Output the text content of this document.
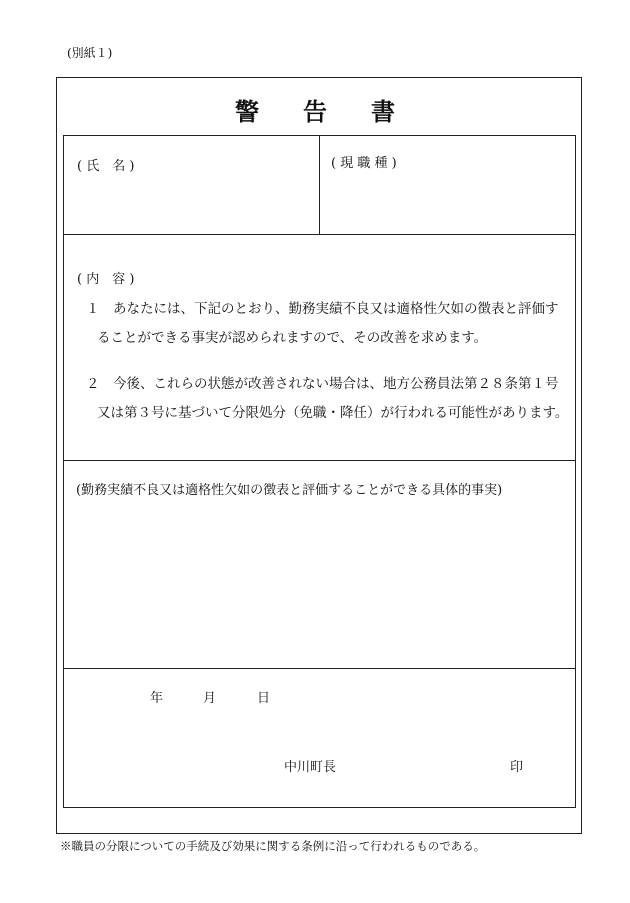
(別紙１)
警告書
( 氏　名 )	( 現 職 種 )
( 内　容 )
１　あなたには、下記のとおり、勤務実績不良又は適格性欠如の徴表と評価す
ることができる事実が認められますので、その改善を求めます。
２　今後、これらの状態が改善されない場合は、地方公務員法第２８条第１号
又は第３号に基づいて分限処分（免職・降任）が行われる可能性があります。
(勤務実績不良又は適格性欠如の徴表と評価することができる具体的事実)
年	月	日
中川町長	印
※職員の分限についての手続及び効果に関する条例に沿って行われるものである。
